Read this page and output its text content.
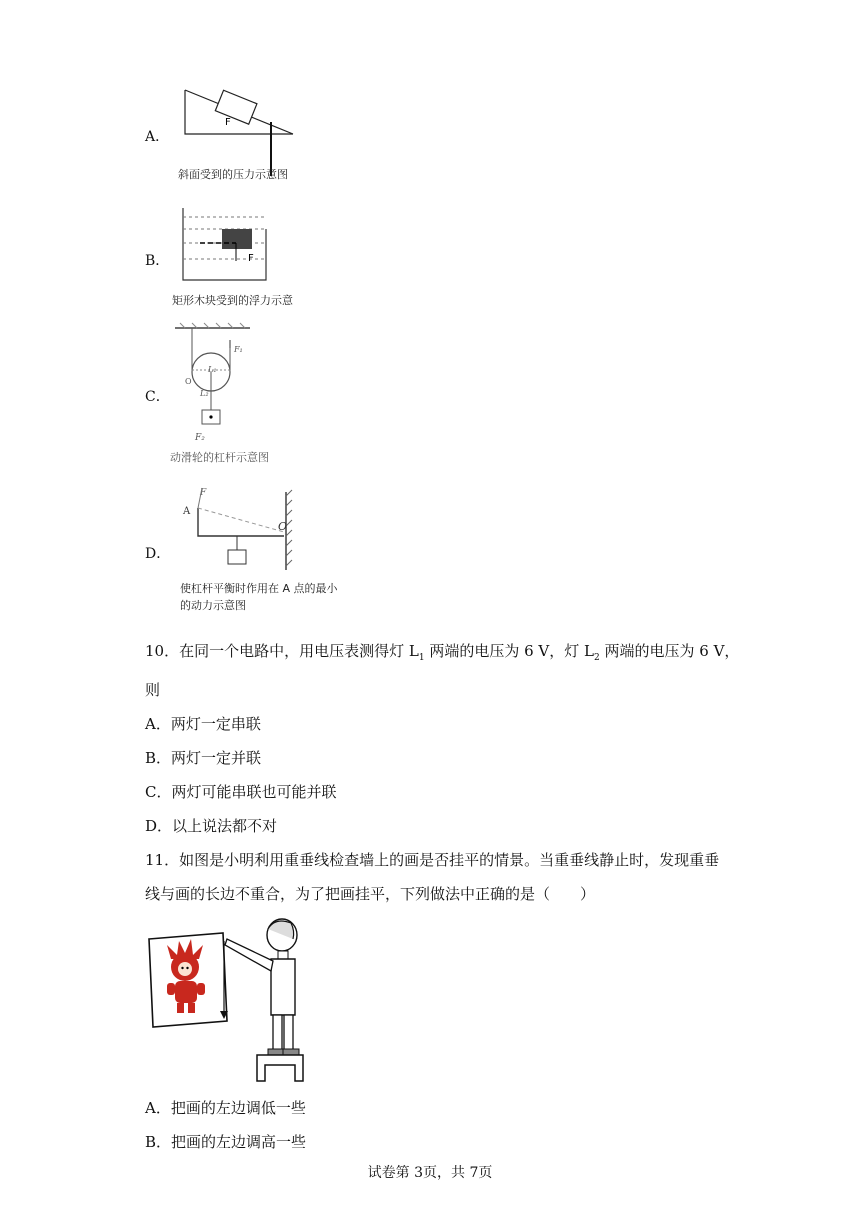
A．
F
斜面受到的压力示意图
B．	F
矩形木块受到的浮力示意
C．
F₁
L₁
L₂
F₂
O
动滑轮的杠杆示意图
D．
F
A
O
使杠杆平衡时作用在 A 点的最小
的动力示意图
10．在同一个电路中，用电压表测得灯 $L_1$ 两端的电压为 6 V，灯 $L_2$ 两端的电压为 6 V，
则
A．两灯一定串联
B．两灯一定并联
C．两灯可能串联也可能并联
D．以上说法都不对
11．如图是小明利用重垂线检查墙上的画是否挂平的情景。当重垂线静止时，发现重垂
线与画的长边不重合，为了把画挂平，下列做法中正确的是（　　）
A．把画的左边调低一些
B．把画的左边调高一些
试卷第 3页，共 7页
